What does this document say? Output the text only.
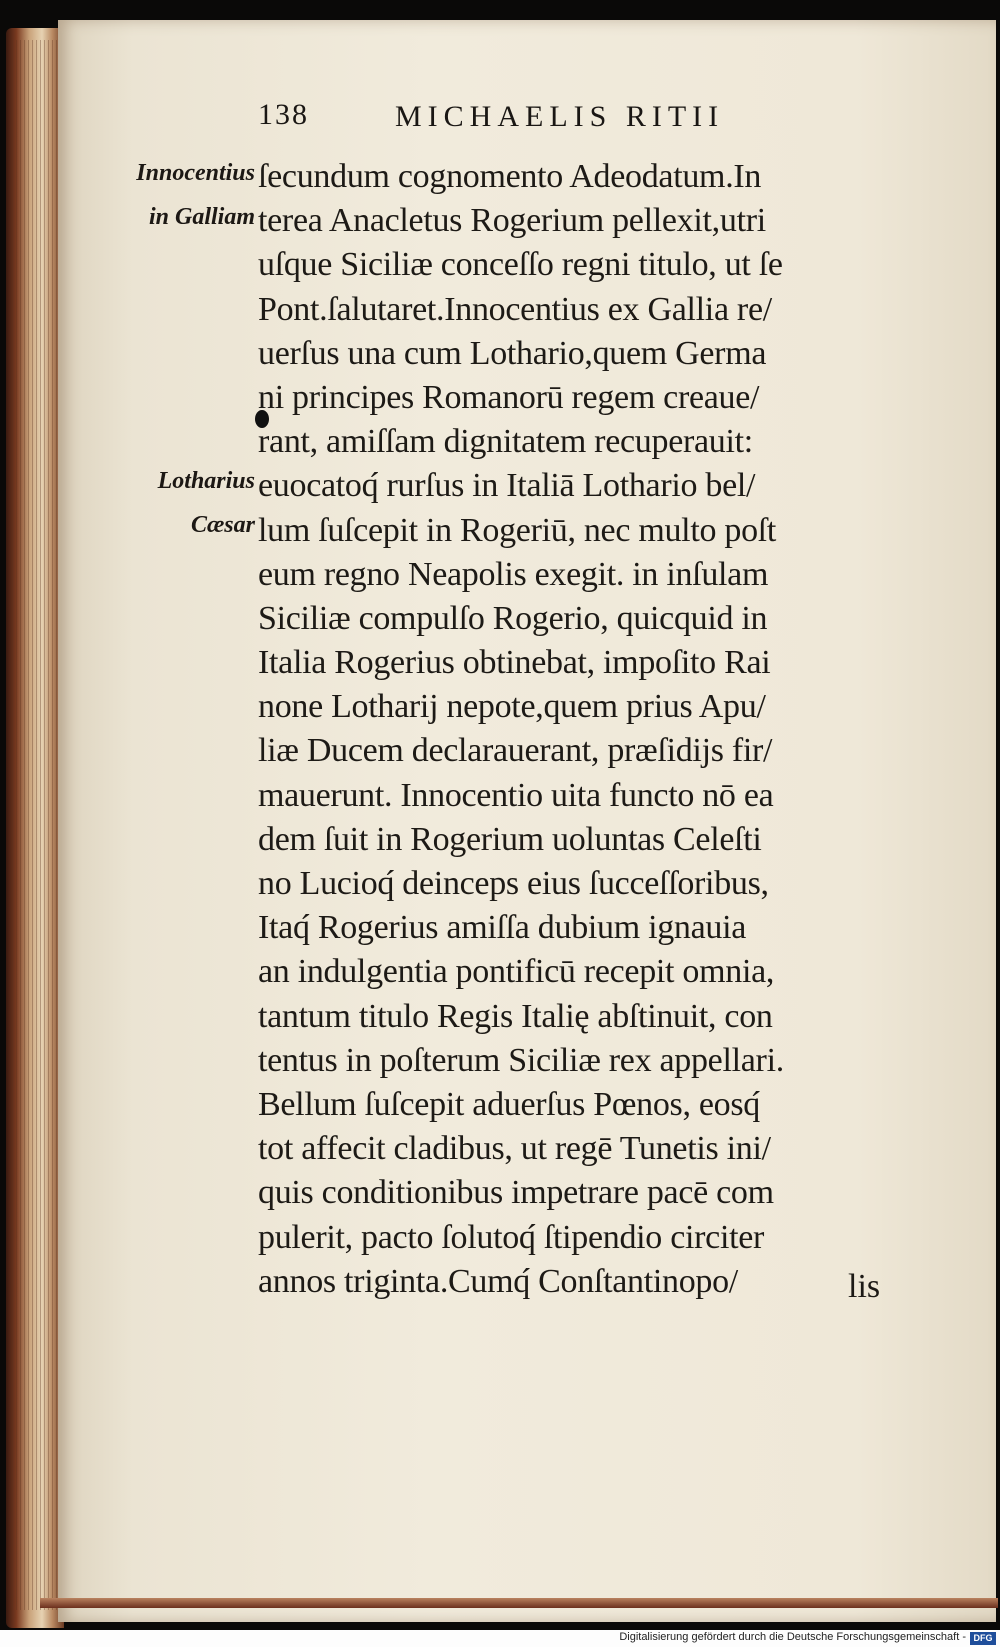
138	MICHAELIS RITII
Innocentius
in Galliam
Lotharius
Cæsar
ſecundum cognomento Adeodatum.In
terea Anacletus Rogerium pellexit,utri
uſque Siciliæ conceſſo regni titulo, ut ſe
Pont.ſalutaret.Innocentius ex Gallia re/
uerſus una cum Lothario,quem Germa
ni principes Romanorū regem creaue/
rant, amiſſam dignitatem recuperauit:
euocatoq́ rurſus in Italiā Lothario bel/
lum ſuſcepit in Rogeriū, nec multo poſt
eum regno Neapolis exegit. in inſulam
Siciliæ compulſo Rogerio, quicquid in
Italia Rogerius obtinebat, impoſito Rai
none Lotharij nepote,quem prius Apu/
liæ Ducem declarauerant, præſidijs fir/
mauerunt. Innocentio uita functo nō ea
dem ſuit in Rogerium uoluntas Celeſti
no Lucioq́ deinceps eius ſucceſſoribus,
Itaq́ Rogerius amiſſa dubium ignauia
an indulgentia pontificū recepit omnia,
tantum titulo Regis Italię abſtinuit, con
tentus in poſterum Siciliæ rex appellari.
Bellum ſuſcepit aduerſus Pœnos, eosq́
tot affecit cladibus, ut regē Tunetis ini/
quis conditionibus impetrare pacē com
pulerit, pacto ſolutoq́ ſtipendio circiter
annos triginta.Cumq́ Conſtantinopo/	lis
Digitalisierung gefördert durch die Deutsche Forschungsgemeinschaft - DFG
